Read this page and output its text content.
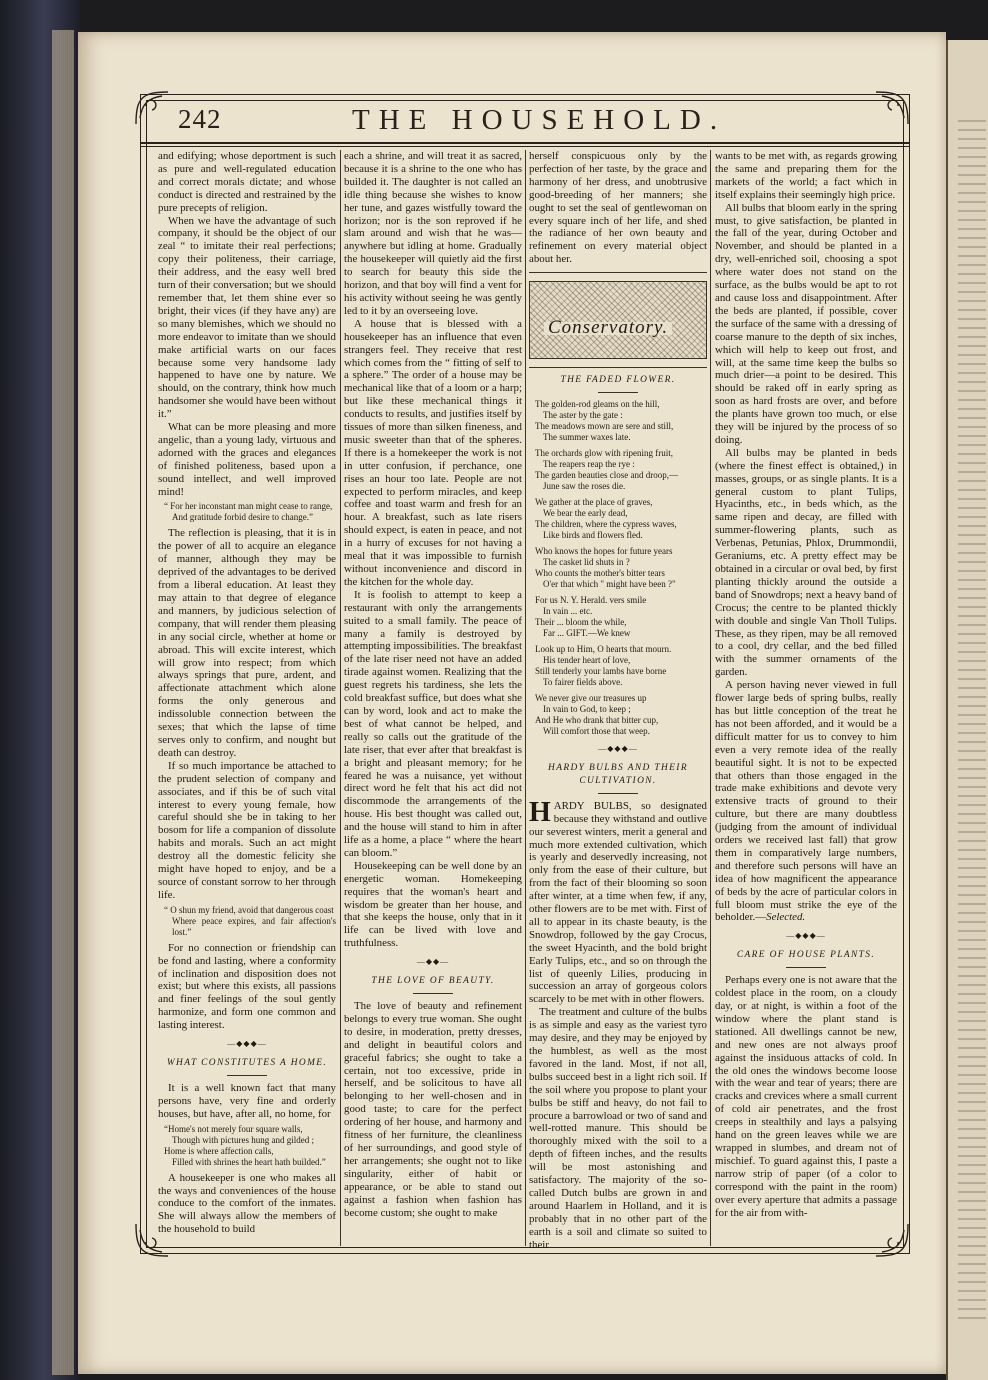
242	THE HOUSEHOLD.

and edifying; whose deportment is such as pure and well-regulated education and correct morals dictate; and whose conduct is directed and restrained by the pure precepts of religion.

When we have the advantage of such company, it should be the object of our zeal “ to imitate their real perfections; copy their politeness, their carriage, their address, and the easy well bred turn of their conversation; but we should remember that, let them shine ever so bright, their vices (if they have any) are so many blemishes, which we should no more endeavor to imitate than we should make artificial warts on our faces because some very handsome lady happened to have one by nature. We should, on the contrary, think how much handsomer she would have been without it.”

What can be more pleasing and more angelic, than a young lady, virtuous and adorned with the graces and elegances of finished politeness, based upon a sound intellect, and well improved mind!

“ For her inconstant man might cease to range,
And gratitude forbid desire to change.”

The reflection is pleasing, that it is in the power of all to acquire an elegance of manner, although they may be deprived of the advantages to be derived from a liberal education. At least they may attain to that degree of elegance and manners, by judicious selection of company, that will render them pleasing in any social circle, whether at home or abroad. This will excite interest, which will grow into respect; from which always springs that pure, ardent, and affectionate attachment which alone forms the only generous and indissoluble connection between the sexes; that which the lapse of time serves only to confirm, and nought but death can destroy.

If so much importance be attached to the prudent selection of company and associates, and if this be of such vital interest to every young female, how careful should she be in taking to her bosom for life a companion of dissolute habits and morals. Such an act might destroy all the domestic felicity she might have hoped to enjoy, and be a source of constant sorrow to her through life.

“ O shun my friend, avoid that dangerous coast
Where peace expires, and fair affection's lost.”

For no connection or friendship can be fond and lasting, where a conformity of inclination and disposition does not exist; but where this exists, all passions and finer feelings of the soul gently harmonize, and form one common and lasting interest.

—◆◆◆—
WHAT CONSTITUTES A HOME.

It is a well known fact that many persons have, very fine and orderly houses, but have, after all, no home, for

“Home's not merely four square walls,
Though with pictures hung and gilded ;
Home is where affection calls,
Filled with shrines the heart hath builded.”

A housekeeper is one who makes all the ways and conveniences of the house conduce to the comfort of the inmates. She will always allow the members of the household to build

each a shrine, and will treat it as sacred, because it is a shrine to the one who has builded it. The daughter is not called an idle thing because she wishes to know her tune, and gazes wistfully toward the horizon; nor is the son reproved if he slam around and wish that he was—anywhere but idling at home. Gradually the housekeeper will quietly aid the first to search for beauty this side the horizon, and that boy will find a vent for his activity without seeing he was gently led to it by an overseeing love.

A house that is blessed with a housekeeper has an influence that even strangers feel. They receive that rest which comes from the “ fitting of self to a sphere.” The order of a house may be mechanical like that of a loom or a harp; but like these mechanical things it conducts to results, and justifies itself by tissues of more than silken fineness, and music sweeter than that of the spheres. If there is a homekeeper the work is not in utter confusion, if perchance, one rises an hour too late. People are not expected to perform miracles, and keep coffee and toast warm and fresh for an hour. A breakfast, such as late risers should expect, is eaten in peace, and not in a hurry of excuses for not having a meal that it was impossible to furnish without inconvenience and discord in the kitchen for the whole day.

It is foolish to attempt to keep a restaurant with only the arrangements suited to a small family. The peace of many a family is destroyed by attempting impossibilities. The breakfast of the late riser need not have an added tirade against women. Realizing that the guest regrets his tardiness, she lets the cold breakfast suffice, but does what she can by word, look and act to make the best of what cannot be helped, and really so calls out the gratitude of the late riser, that ever after that breakfast is a bright and pleasant memory; for he feared he was a nuisance, yet without direct word he felt that his act did not discommode the arrangements of the house. His best thought was called out, and the house will stand to him in after life as a home, a place “ where the heart can bloom.”

Housekeeping can be well done by an energetic woman. Homekeeping requires that the woman's heart and wisdom be greater than her house, and that she keeps the house, only that in it life can be lived with love and truthfulness.

—◆◆—
THE LOVE OF BEAUTY.

The love of beauty and refinement belongs to every true woman. She ought to desire, in moderation, pretty dresses, and delight in beautiful colors and graceful fabrics; she ought to take a certain, not too excessive, pride in herself, and be solicitous to have all belonging to her well-chosen and in good taste; to care for the perfect ordering of her house, and harmony and fitness of her furniture, the cleanliness of her surroundings, and good style of her arrangements; she ought not to like singularity, either of habit or appearance, or be able to stand out against a fashion when fashion has become custom; she ought to make

herself conspicuous only by the perfection of her taste, by the grace and harmony of her dress, and unobtrusive good-breeding of her manners; she ought to set the seal of gentlewoman on every square inch of her life, and shed the radiance of her own beauty and refinement on every material object about her.

Conservatory.
THE FADED FLOWER.
The golden-rod gleams on the hill,
The aster by the gate :
The meadows mown are sere and still,
The summer waxes late.
The orchards glow with ripening fruit,
The reapers reap the rye :
The garden beauties close and droop,—
June saw the roses die.
We gather at the place of graves,
We bear the early dead,
The children, where the cypress waves,
Like birds and flowers fled.
Who knows the hopes for future years
The casket lid shuts in ?
Who counts the mother's bitter tears
O'er that which " might have been ?"
For us N. Y. Herald. vers smile
In vain ... etc.
Their ... bloom the while,
Far ... GIFT.—We knew
Look up to Him, O hearts that mourn.
His tender heart of love,
Still tenderly your lambs have borne
To fairer fields above.
We never give our treasures up
In vain to God, to keep ;
And He who drank that bitter cup,
Will comfort those that weep.
—◆◆◆—
HARDY BULBS AND THEIR CULTIVATION.

HARDY BULBS, so designated because they withstand and outlive our severest winters, merit a general and much more extended cultivation, which is yearly and deservedly increasing, not only from the ease of their culture, but from the fact of their blooming so soon after winter, at a time when few, if any, other flowers are to be met with. First of all to appear in its chaste beauty, is the Snowdrop, followed by the gay Crocus, the sweet Hyacinth, and the bold bright Early Tulips, etc., and so on through the list of queenly Lilies, producing in succession an array of gorgeous colors scarcely to be met with in other flowers.

The treatment and culture of the bulbs is as simple and easy as the variest tyro may desire, and they may be enjoyed by the humblest, as well as the most favored in the land. Most, if not all, bulbs succeed best in a light rich soil. If the soil where you propose to plant your bulbs be stiff and heavy, do not fail to procure a barrowload or two of sand and well-rotted manure. This should be thoroughly mixed with the soil to a depth of fifteen inches, and the results will be most astonishing and satisfactory. The majority of the so-called Dutch bulbs are grown in and around Haarlem in Holland, and it is probably that in no other part of the earth is a soil and climate so suited to their

wants to be met with, as regards growing the same and preparing them for the markets of the world; a fact which in itself explains their seemingly high price.

All bulbs that bloom early in the spring must, to give satisfaction, be planted in the fall of the year, during October and November, and should be planted in a dry, well-enriched soil, choosing a spot where water does not stand on the surface, as the bulbs would be apt to rot and cause loss and disappointment. After the beds are planted, if possible, cover the surface of the same with a dressing of coarse manure to the depth of six inches, which will help to keep out frost, and will, at the same time keep the bulbs so much drier—a point to be desired. This should be raked off in early spring as soon as hard frosts are over, and before the plants have grown too much, or else they will be injured by the process of so doing.

All bulbs may be planted in beds (where the finest effect is obtained,) in masses, groups, or as single plants. It is a general custom to plant Tulips, Hyacinths, etc., in beds which, as the same ripen and decay, are filled with summer-flowering plants, such as Verbenas, Petunias, Phlox, Drummondii, Geraniums, etc. A pretty effect may be obtained in a circular or oval bed, by first planting thickly around the outside a band of Snowdrops; next a heavy band of Crocus; the centre to be planted thickly with double and single Van Tholl Tulips. These, as they ripen, may be all removed to a cool, dry cellar, and the bed filled with the summer ornaments of the garden.

A person having never viewed in full flower large beds of spring bulbs, really has but little conception of the treat he has not been afforded, and it would be a difficult matter for us to convey to him even a very remote idea of the really beautiful sight. It is not to be expected that others than those engaged in the trade make exhibitions and devote very extensive tracts of ground to their culture, but there are many doubtless (judging from the amount of individual orders we received last fall) that grow them in comparatively large numbers, and therefore such persons will have an idea of how magnificent the appearance of beds by the acre of particular colors in full bloom must strike the eye of the beholder.—Selected.

—◆◆◆—
CARE OF HOUSE PLANTS.

Perhaps every one is not aware that the coldest place in the room, on a cloudy day, or at night, is within a foot of the window where the plant stand is stationed. All dwellings cannot be new, and new ones are not always proof against the insiduous attacks of cold. In the old ones the windows become loose with the wear and tear of years; there are cracks and crevices where a small current of cold air penetrates, and the frost creeps in stealthily and lays a palsying hand on the green leaves while we are wrapped in slumbes, and dream not of mischief. To guard against this, I paste a narrow strip of paper (of a color to correspond with the paint in the room) over every aperture that admits a passage for the air from with-
